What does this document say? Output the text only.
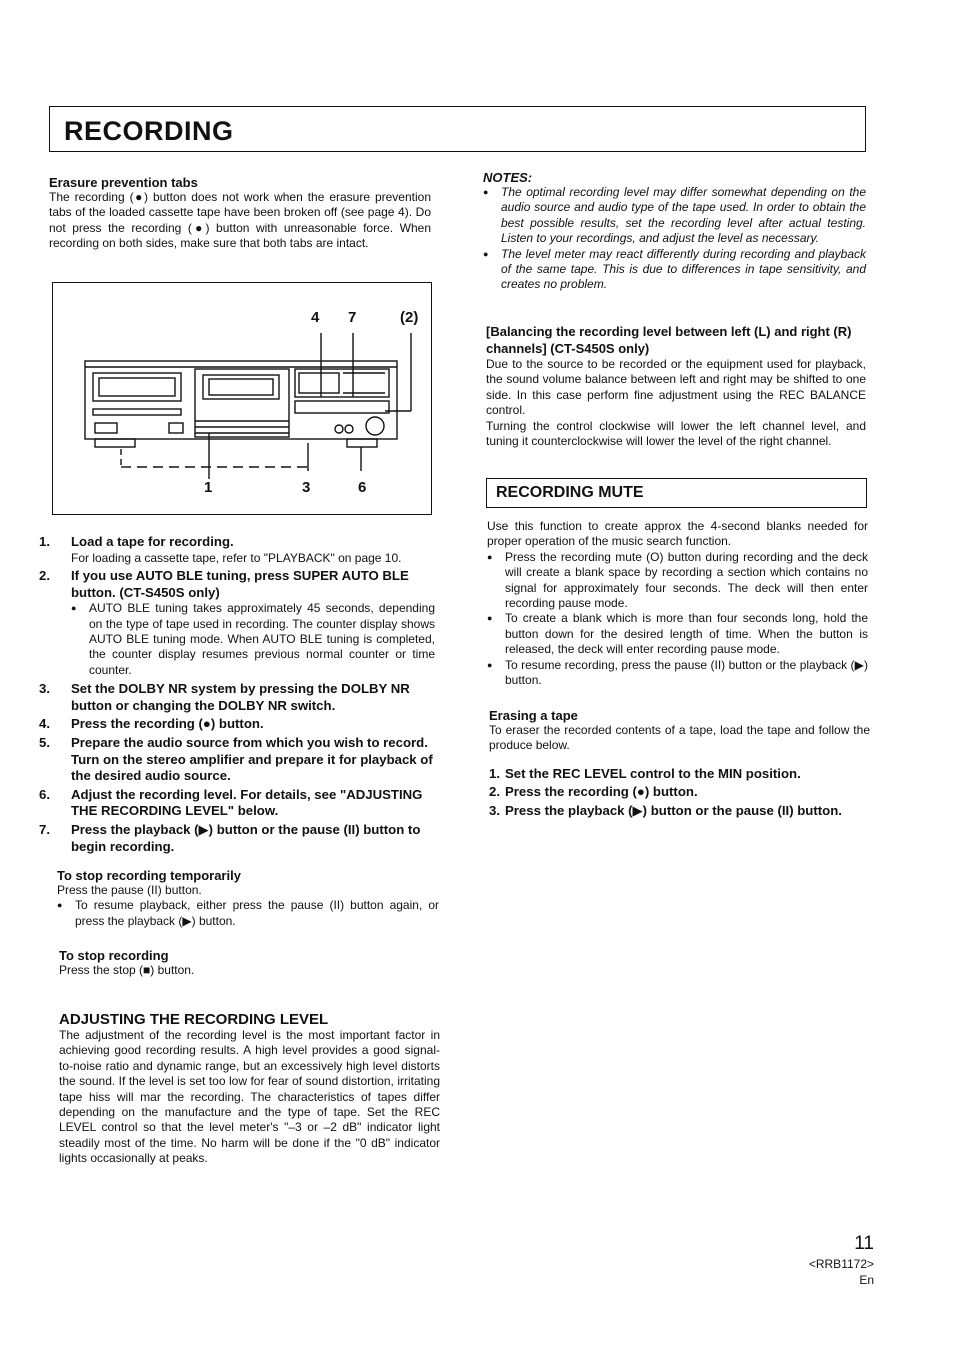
RECORDING
Erasure prevention tabs
The recording (●) button does not work when the erasure prevention tabs of the loaded cassette tape have been broken off (see page 4). Do not press the recording (●) button with unreasonable force. When recording on both sides, make sure that both tabs are intact.
4 7	(2)
1	3	6
1. Load a tape for recording.
For loading a cassette tape, refer to "PLAYBACK" on page 10.
2. If you use AUTO BLE tuning, press SUPER AUTO BLE button. (CT-S450S only)
● AUTO BLE tuning takes approximately 45 seconds, depending on the type of tape used in recording. The counter display shows AUTO BLE tuning mode. When AUTO BLE tuning is completed, the counter display resumes previous normal counter or time counter.
3. Set the DOLBY NR system by pressing the DOLBY NR button or changing the DOLBY NR switch.
4. Press the recording (●) button.
5. Prepare the audio source from which you wish to record. Turn on the stereo amplifier and prepare it for playback of the desired audio source.
6. Adjust the recording level. For details, see "ADJUSTING THE RECORDING LEVEL" below.
7. Press the playback (▶) button or the pause (II) button to begin recording.
To stop recording temporarily
Press the pause (II) button.
● To resume playback, either press the pause (II) button again, or press the playback (▶) button.
To stop recording
Press the stop (■) button.
ADJUSTING THE RECORDING LEVEL
The adjustment of the recording level is the most important factor in achieving good recording results. A high level provides a good signal-to-noise ratio and dynamic range, but an excessively high level distorts the sound. If the level is set too low for fear of sound distortion, irritating tape hiss will mar the recording. The characteristics of tapes differ depending on the manufacture and the type of tape. Set the REC LEVEL control so that the level meter's "–3 or –2 dB" indicator light steadily most of the time. No harm will be done if the "0 dB" indicator lights occasionally at peaks.
NOTES:
● The optimal recording level may differ somewhat depending on the audio source and audio type of the tape used. In order to obtain the best possible results, set the recording level after actual testing. Listen to your recordings, and adjust the level as necessary.
● The level meter may react differently during recording and playback of the same tape. This is due to differences in tape sensitivity, and creates no problem.
[Balancing the recording level between left (L) and right (R) channels] (CT-S450S only)
Due to the source to be recorded or the equipment used for playback, the sound volume balance between left and right may be shifted to one side. In this case perform fine adjustment using the REC BALANCE control.
Turning the control clockwise will lower the left channel level, and tuning it counterclockwise will lower the level of the right channel.
RECORDING MUTE
Use this function to create approx the 4-second blanks needed for proper operation of the music search function.
● Press the recording mute (O) button during recording and the deck will create a blank space by recording a section which contains no signal for approximately four seconds. The deck will then enter recording pause mode.
● To create a blank which is more than four seconds long, hold the button down for the desired length of time. When the button is released, the deck will enter recording pause mode.
● To resume recording, press the pause (II) button or the playback (▶) button.
Erasing a tape
To eraser the recorded contents of a tape, load the tape and follow the produce below.
1. Set the REC LEVEL control to the MIN position.
2. Press the recording (●) button.
3. Press the playback (▶) button or the pause (II) button.
11
<RRB1172>
En
